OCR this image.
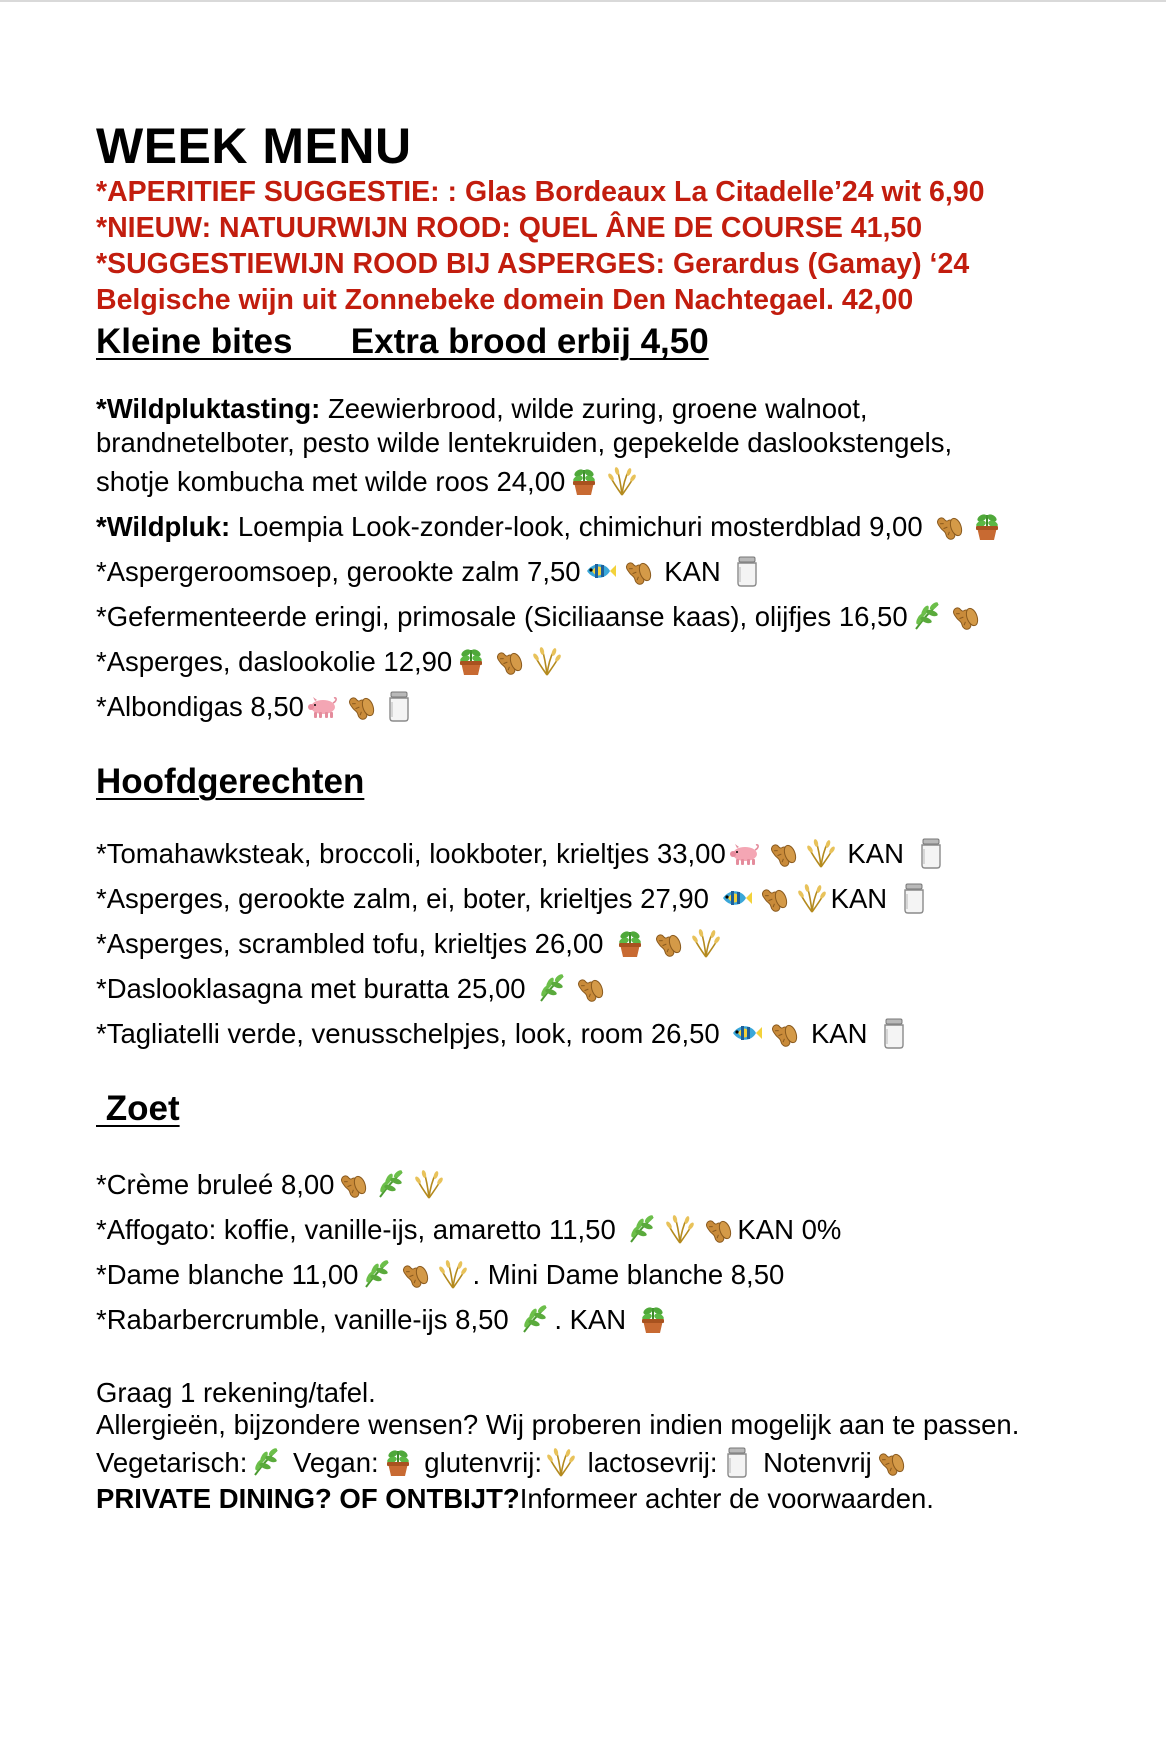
WEEK MENU
*APERITIEF SUGGESTIE: : Glas Bordeaux La Citadelle’24 wit 6,90
*NIEUW: NATUURWIJN ROOD: QUEL ÂNE DE COURSE 41,50
*SUGGESTIEWIJN ROOD BIJ ASPERGES: Gerardus (Gamay) ‘24
Belgische wijn uit Zonnebeke domein Den Nachtegael. 42,00
Kleine bites      Extra brood erbij 4,50
*Wildpluktasting: Zeewierbrood, wilde zuring, groene walnoot,
brandnetelboter, pesto wilde lentekruiden, gepekelde daslookstengels,
shotje kombucha met wilde roos 24,00
*Wildpluk: Loempia Look-zonder-look, chimichuri mosterdblad 9,00
*Aspergeroomsoep, gerookte zalm 7,50	KAN
*Gefermenteerde eringi, primosale (Siciliaanse kaas), olijfjes 16,50
*Asperges, daslookolie 12,90
*Albondigas 8,50
Hoofdgerechten
*Tomahawksteak, broccoli, lookboter, krieltjes 33,00	KAN
*Asperges, gerookte zalm, ei, boter, krieltjes 27,90	KAN
*Asperges, scrambled tofu, krieltjes 26,00
*Daslooklasagna met buratta 25,00
*Tagliatelli verde, venusschelpjes, look, room 26,50	KAN
Zoet
*Crème bruleé 8,00
*Affogato: koffie, vanille-ijs, amaretto 11,50	KAN 0%
*Dame blanche 11,00	. Mini Dame blanche 8,50
*Rabarbercrumble, vanille-ijs 8,50
. KAN
Graag 1 rekening/tafel.
Allergieën, bijzondere wensen? Wij proberen indien mogelijk aan te passen.
Vegetarisch:
Vegan:
glutenvrij:
lactosevrij:
Notenvrij
PRIVATE DINING? OF ONTBIJT?Informeer achter de voorwaarden.
